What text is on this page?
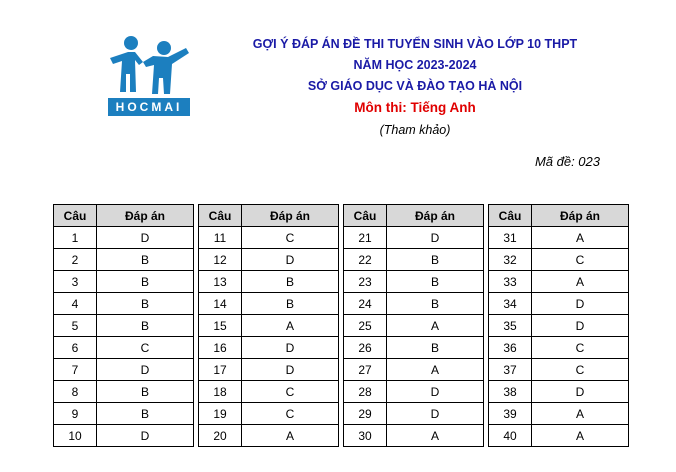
HOCMAI
GỢI Ý ĐÁP ÁN ĐỀ THI TUYỂN SINH VÀO LỚP 10 THPT
NĂM HỌC 2023-2024
SỞ GIÁO DỤC VÀ ĐÀO TẠO HÀ NỘI
Môn thi: Tiếng Anh
(Tham khảo)
Mã đề: 023
Câu	Đáp án
1	D
2	B
3	B
4	B
5	B
6	C
7	D
8	B
9	B
10	D
Câu	Đáp án
11	C
12	D
13	B
14	B
15	A
16	D
17	D
18	C
19	C
20	A
Câu	Đáp án
21	D
22	B
23	B
24	B
25	A
26	B
27	A
28	D
29	D
30	A
Câu	Đáp án
31	A
32	C
33	A
34	D
35	D
36	C
37	C
38	D
39	A
40	A
